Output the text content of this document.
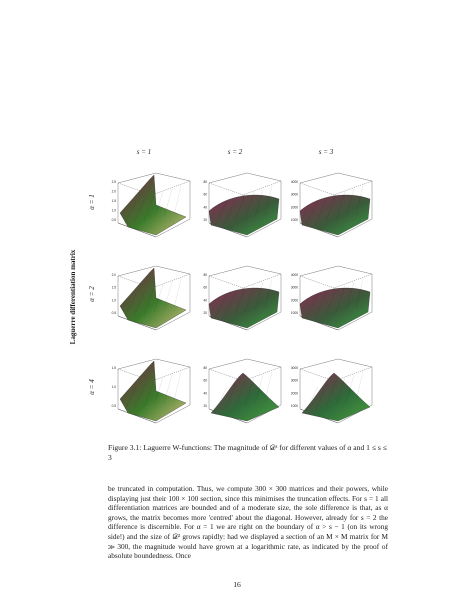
Laguerre differentiation matrix
s = 1	s = 2	s = 3
α = 1
α = 2
α = 4
0.5
1.0
1.5
2.0
2.5
20
40
60
80
1000
2000
3000
4000
0.5
1.0
1.5
2.0
20
40
60
80
1000
2000
3000
4000
0.5
1.0
1.5
20
40
60
80
1000
2000
3000
4000
Figure 3.1: Laguerre W-functions: The magnitude of 𝒟ˢ for different values of α and 1 ≤ s ≤ 3

be truncated in computation. Thus, we compute 300 × 300 matrices and their powers, while displaying just their 100 × 100 section, since this minimises the truncation effects. For s = 1 all differentiation matrices are bounded and of a moderate size, the sole difference is that, as α grows, the matrix becomes more 'centred' about the diagonal. However, already for s = 2 the difference is discernible. For α = 1 we are right on the boundary of α > s − 1 (on its wrong side!) and the size of 𝒟² grows rapidly: had we displayed a section of an M × M matrix for M ≫ 300, the magnitude would have grown at a logarithmic rate, as indicated by the proof of absolute boundedness. Once

16
